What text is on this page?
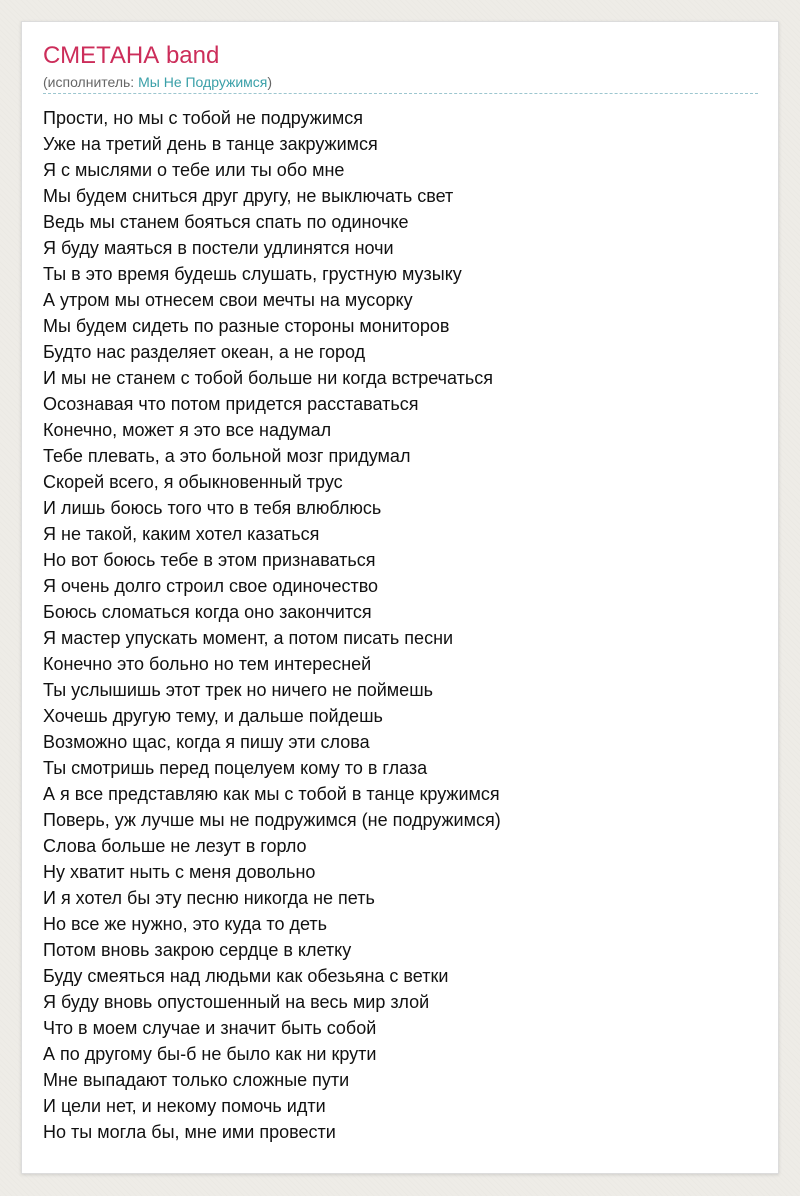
СМЕТАНА band
(исполнитель: Мы Не Подружимся)
Прости, но мы с тобой не подружимся
Уже на третий день в танце закружимся
Я с мыслями о тебе или ты обо мне
Мы будем сниться друг другу, не выключать свет
Ведь мы станем бояться спать по одиночке
Я буду маяться в постели удлинятся ночи
Ты в это время будешь слушать, грустную музыку
А утром мы отнесем свои мечты на мусорку
Мы будем сидеть по разные стороны мониторов
Будто нас разделяет океан, а не город
И мы не станем с тобой больше ни когда встречаться
Осознавая что потом придется расставаться
Конечно, может я это все надумал
Тебе плевать, а это больной мозг придумал
Скорей всего, я обыкновенный трус
И лишь боюсь того что в тебя влюблюсь
Я не такой, каким хотел казаться
Но вот боюсь тебе в этом признаваться
Я очень долго строил свое одиночество
Боюсь сломаться когда оно закончится
Я мастер упускать момент, а потом писать песни
Конечно это больно но тем интересней
Ты услышишь этот трек но ничего не поймешь
Хочешь другую тему, и дальше пойдешь
Возможно щас, когда я пишу эти слова
Ты смотришь перед поцелуем кому то в глаза
А я все представляю как мы с тобой в танце кружимся
Поверь, уж лучше мы не подружимся (не подружимся)
Слова больше не лезут в горло
Ну хватит ныть с меня довольно
И я хотел бы эту песню никогда не петь
Но все же нужно, это куда то деть
Потом вновь закрою сердце в клетку
Буду смеяться над людьми как обезьяна с ветки
Я буду вновь опустошенный на весь мир злой
Что в моем случае и значит быть собой
А по другому бы-б не было как ни крути
Мне выпадают только сложные пути
И цели нет, и некому помочь идти
Но ты могла бы, мне ими провести
